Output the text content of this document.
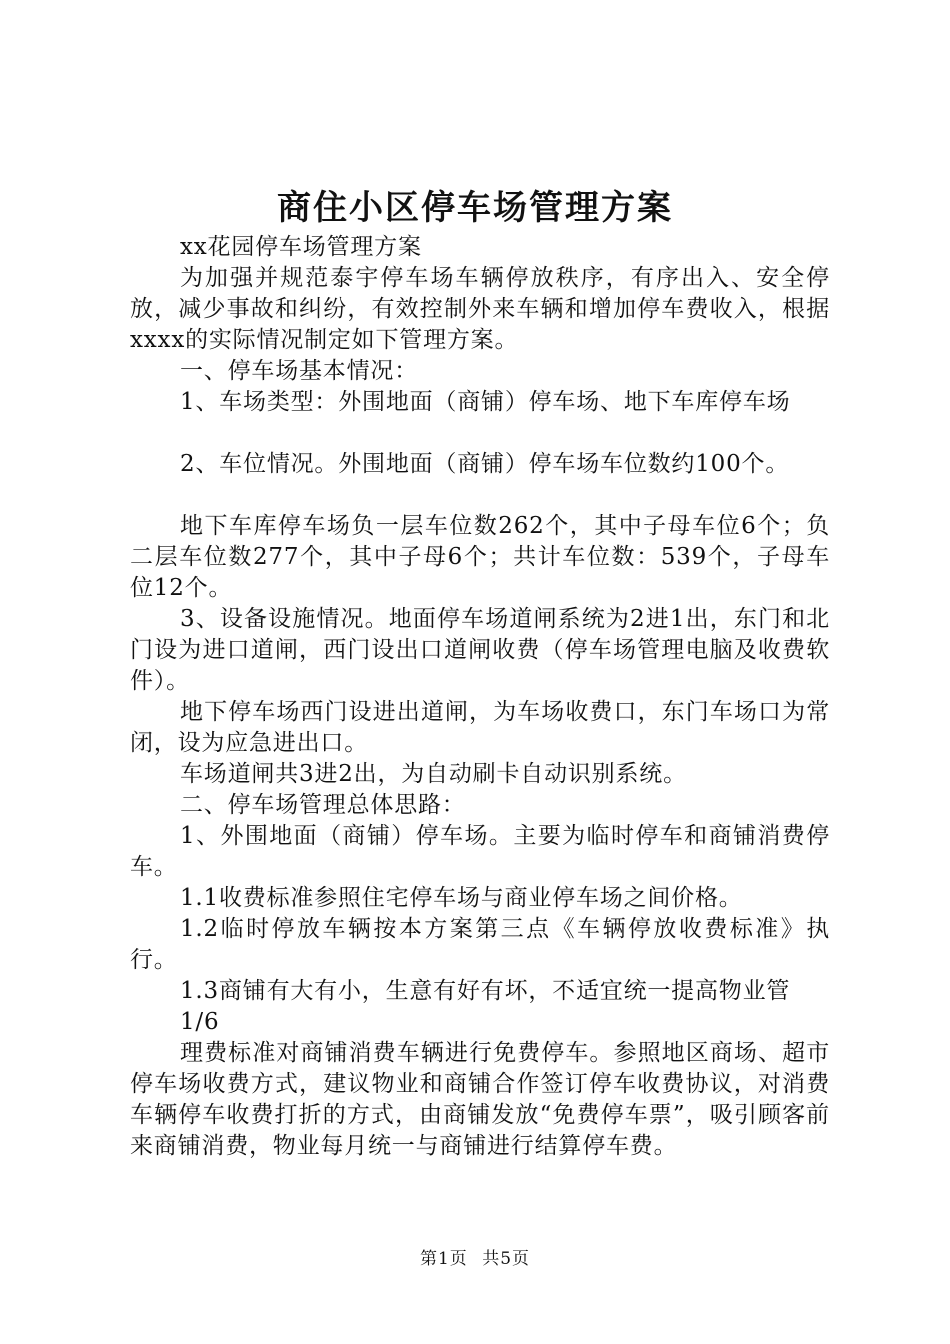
商住小区停车场管理方案

xx花园停车场管理方案

为加强并规范泰宇停车场车辆停放秩序，有序出入、安全停放，减少事故和纠纷，有效控制外来车辆和增加停车费收入，根据xxxx的实际情况制定如下管理方案。

一、停车场基本情况：

1、车场类型：外围地面（商铺）停车场、地下车库停车场

2、车位情况。外围地面（商铺）停车场车位数约100个。

地下车库停车场负一层车位数262个，其中子母车位6个；负二层车位数277个，其中子母6个；共计车位数：539个，子母车位12个。

3、设备设施情况。地面停车场道闸系统为2进1出，东门和北门设为进口道闸，西门设出口道闸收费（停车场管理电脑及收费软件）。

地下停车场西门设进出道闸，为车场收费口，东门车场口为常闭，设为应急进出口。

车场道闸共3进2出，为自动刷卡自动识别系统。

二、停车场管理总体思路：

1、外围地面（商铺）停车场。主要为临时停车和商铺消费停车。

1.1收费标准参照住宅停车场与商业停车场之间价格。

1.2临时停放车辆按本方案第三点《车辆停放收费标准》执行。

1.3商铺有大有小，生意有好有坏，不适宜统一提高物业管

1/6

理费标准对商铺消费车辆进行免费停车。参照地区商场、超市停车场收费方式，建议物业和商铺合作签订停车收费协议，对消费车辆停车收费打折的方式，由商铺发放“免费停车票”，吸引顾客前来商铺消费，物业每月统一与商铺进行结算停车费。

第1页 共5页
